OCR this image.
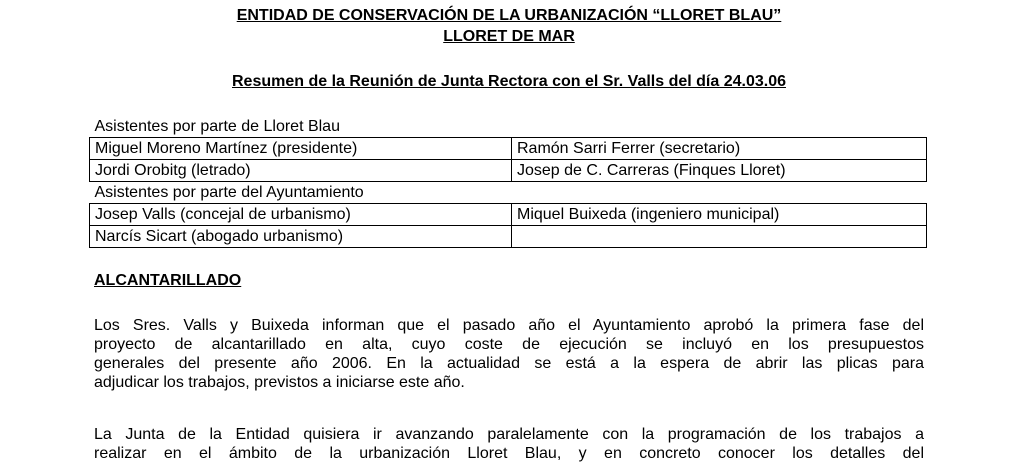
ENTIDAD DE CONSERVACIÓN DE LA URBANIZACIÓN “LLORET BLAU”
LLORET DE MAR
Resumen de la Reunión de Junta Rectora con el Sr. Valls del día 24.03.06
Asistentes por parte de Lloret Blau	
Miguel Moreno Martínez (presidente)	Ramón Sarri Ferrer (secretario)
Jordi Orobitg (letrado)	Josep de C. Carreras (Finques Lloret)
Asistentes por parte del Ayuntamiento	
Josep Valls (concejal de urbanismo)	Miquel Buixeda (ingeniero municipal)
Narcís Sicart (abogado urbanismo)	
ALCANTARILLADO
Los Sres. Valls y Buixeda informan que el pasado año el Ayuntamiento aprobó la primera fase del
proyecto de alcantarillado en alta, cuyo coste de ejecución se incluyó en los presupuestos
generales del presente año 2006. En la actualidad se está a la espera de abrir las plicas para
adjudicar los trabajos, previstos a iniciarse este año.
La Junta de la Entidad quisiera ir avanzando paralelamente con la programación de los trabajos a
realizar en el ámbito de la urbanización Lloret Blau, y en concreto conocer los detalles del
